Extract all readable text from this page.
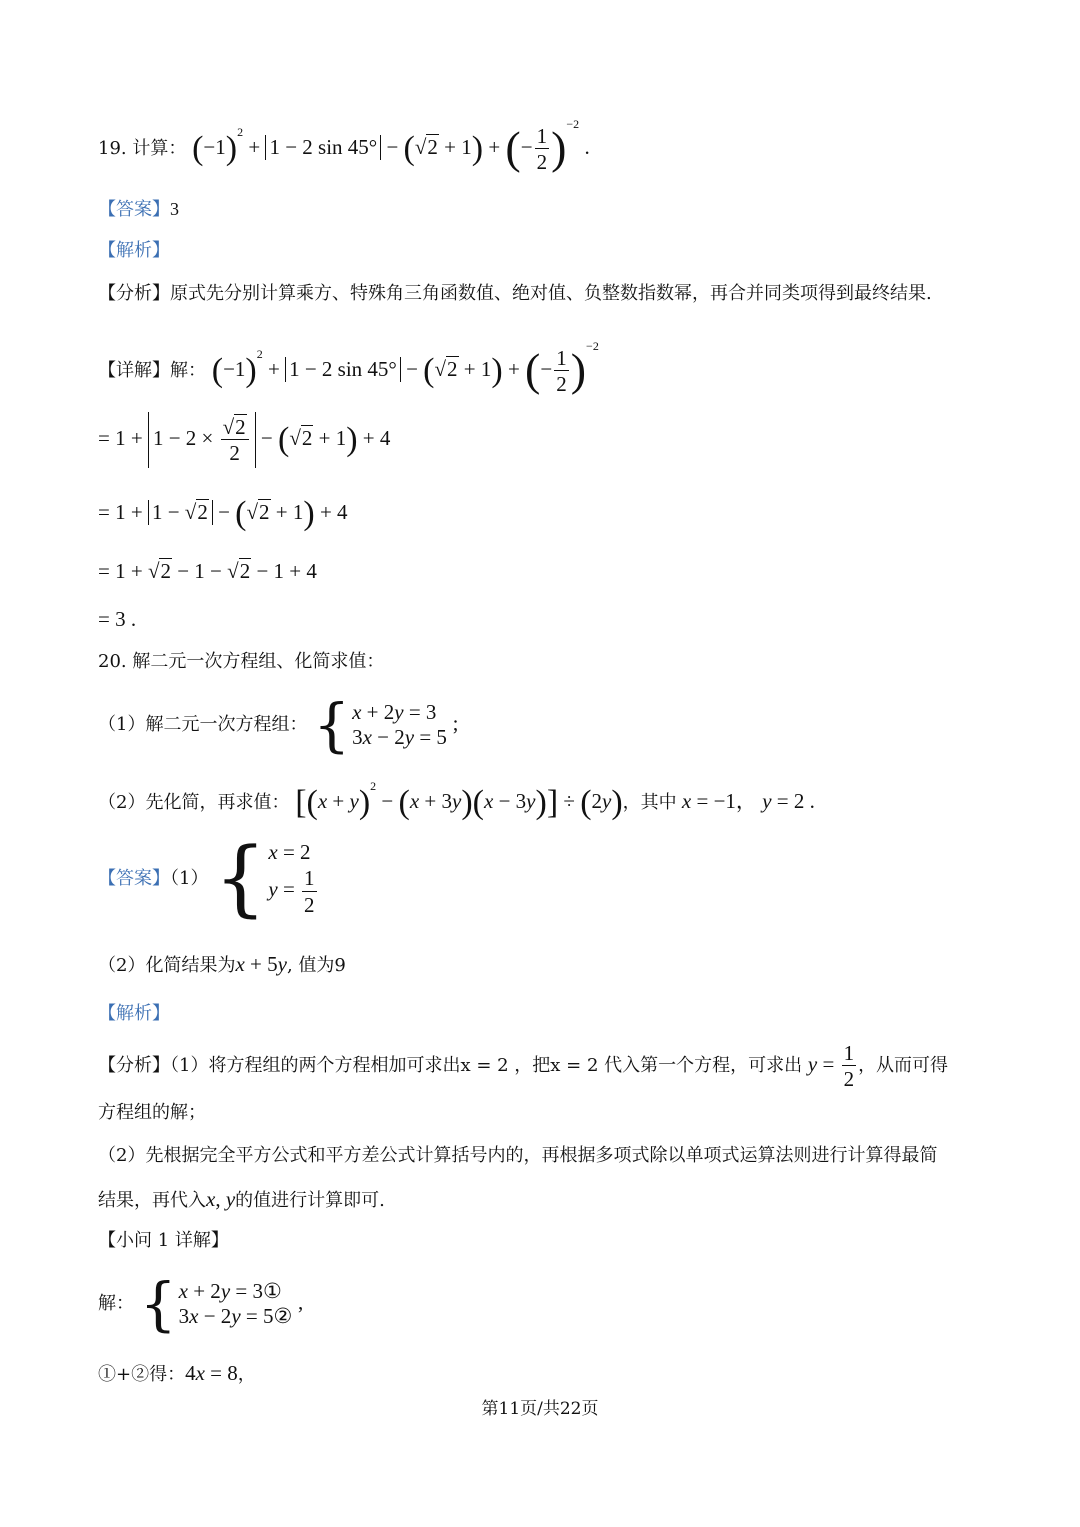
19. 计算： $(-1)^2 + 1 - 2$ sin 45° − (√2 + 1) + (− $\frac{1}{2} )^{-2}$ .
【答案】3
【解析】
【分析】原式先分别计算乘方、特殊角三角函数值、绝对值、负整数指数幂，再合并同类项得到最终结果.
【详解】解： $(-1)^2 + 1 - 2$ sin 45° − (√2 + 1) + (− $\frac{1}{2} )^{-2}$
= $1 + 1 - 2 \times \frac{√2}{2} - (√2 + 1) + 4$
= 1 + 1 − √2 − (√2 + 1) + 4
= 1 + √2 − 1 − √2 − 1 + 4
= 3 .
20. 解二元一次方程组、化简求值：
（1）解二元一次方程组： { x + 2y = 3
3x − 2y = 5
;
（2）先化简，再求值： $[(x + y)^2 - (x + 3y)(x - 3y)] \div (2y)$，其中 x = −1， y = 2 .
【答案】（1） { x = 2
$y = \frac{1}{2}$
（2）化简结果为x + 5y, 值为9
【解析】
【分析】（1）将方程组的两个方程相加可求出x = 2 ，把x = 2 代入第一个方程，可求出 $y = \frac{1}{2}$ ，从而可得
方程组的解；
（2）先根据完全平方公式和平方差公式计算括号内的，再根据多项式除以单项式运算法则进行计算得最简
结果，再代入x, y的值进行计算即可.
【小问 1 详解】
解： { x + 2y = 3①
3x − 2y = 5②
,
①+②得：4x = 8，
第11页/共22页
